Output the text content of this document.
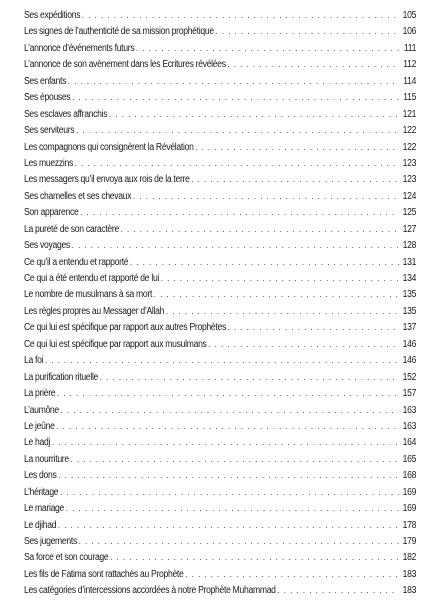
Ses expéditions . . .	105
Les signes de l’authenticité de sa mission prophétique . . .	106
L’annonce d’événements futurs . . .	111
L’annonce de son avènement dans les Écritures révélées . . .	112
Ses enfants . . .	114
Ses épouses . . .	115
Ses esclaves affranchis . . .	121
Ses serviteurs . . .	122
Les compagnons qui consignèrent la Révélation . . .	122
Les muezzins . . .	123
Les messagers qu’il envoya aux rois de la terre . . .	123
Ses chamelles et ses chevaux . . .	124
Son apparence . . .	125
La pureté de son caractère . . .	127
Ses voyages . . .	128
Ce qu’il a entendu et rapporté . . .	131
Ce qui a été entendu et rapporté de lui . . .	134
Le nombre de musulmans à sa mort . . .	135
Les règles propres au Messager d’Allah . . .	135
Ce qui lui est spécifique par rapport aux autres Prophètes . . .	137
Ce qui lui est spécifique par rapport aux musulmans . . .	146
La foi . . .	146
La purification rituelle . . .	152
La prière . . .	157
L’aumône . . .	163
Le jeûne . . .	163
Le hadj . . .	164
La nourriture . . .	165
Les dons . . .	168
L’héritage . . .	169
Le mariage . . .	169
Le djihad . . .	178
Ses jugements . . .	179
Sa force et son courage . . .	182
Les fils de Fatima sont rattachés au Prophète . . .	183
Les catégories d’intercessions accordées à notre Prophète Muhammad . . .	183
